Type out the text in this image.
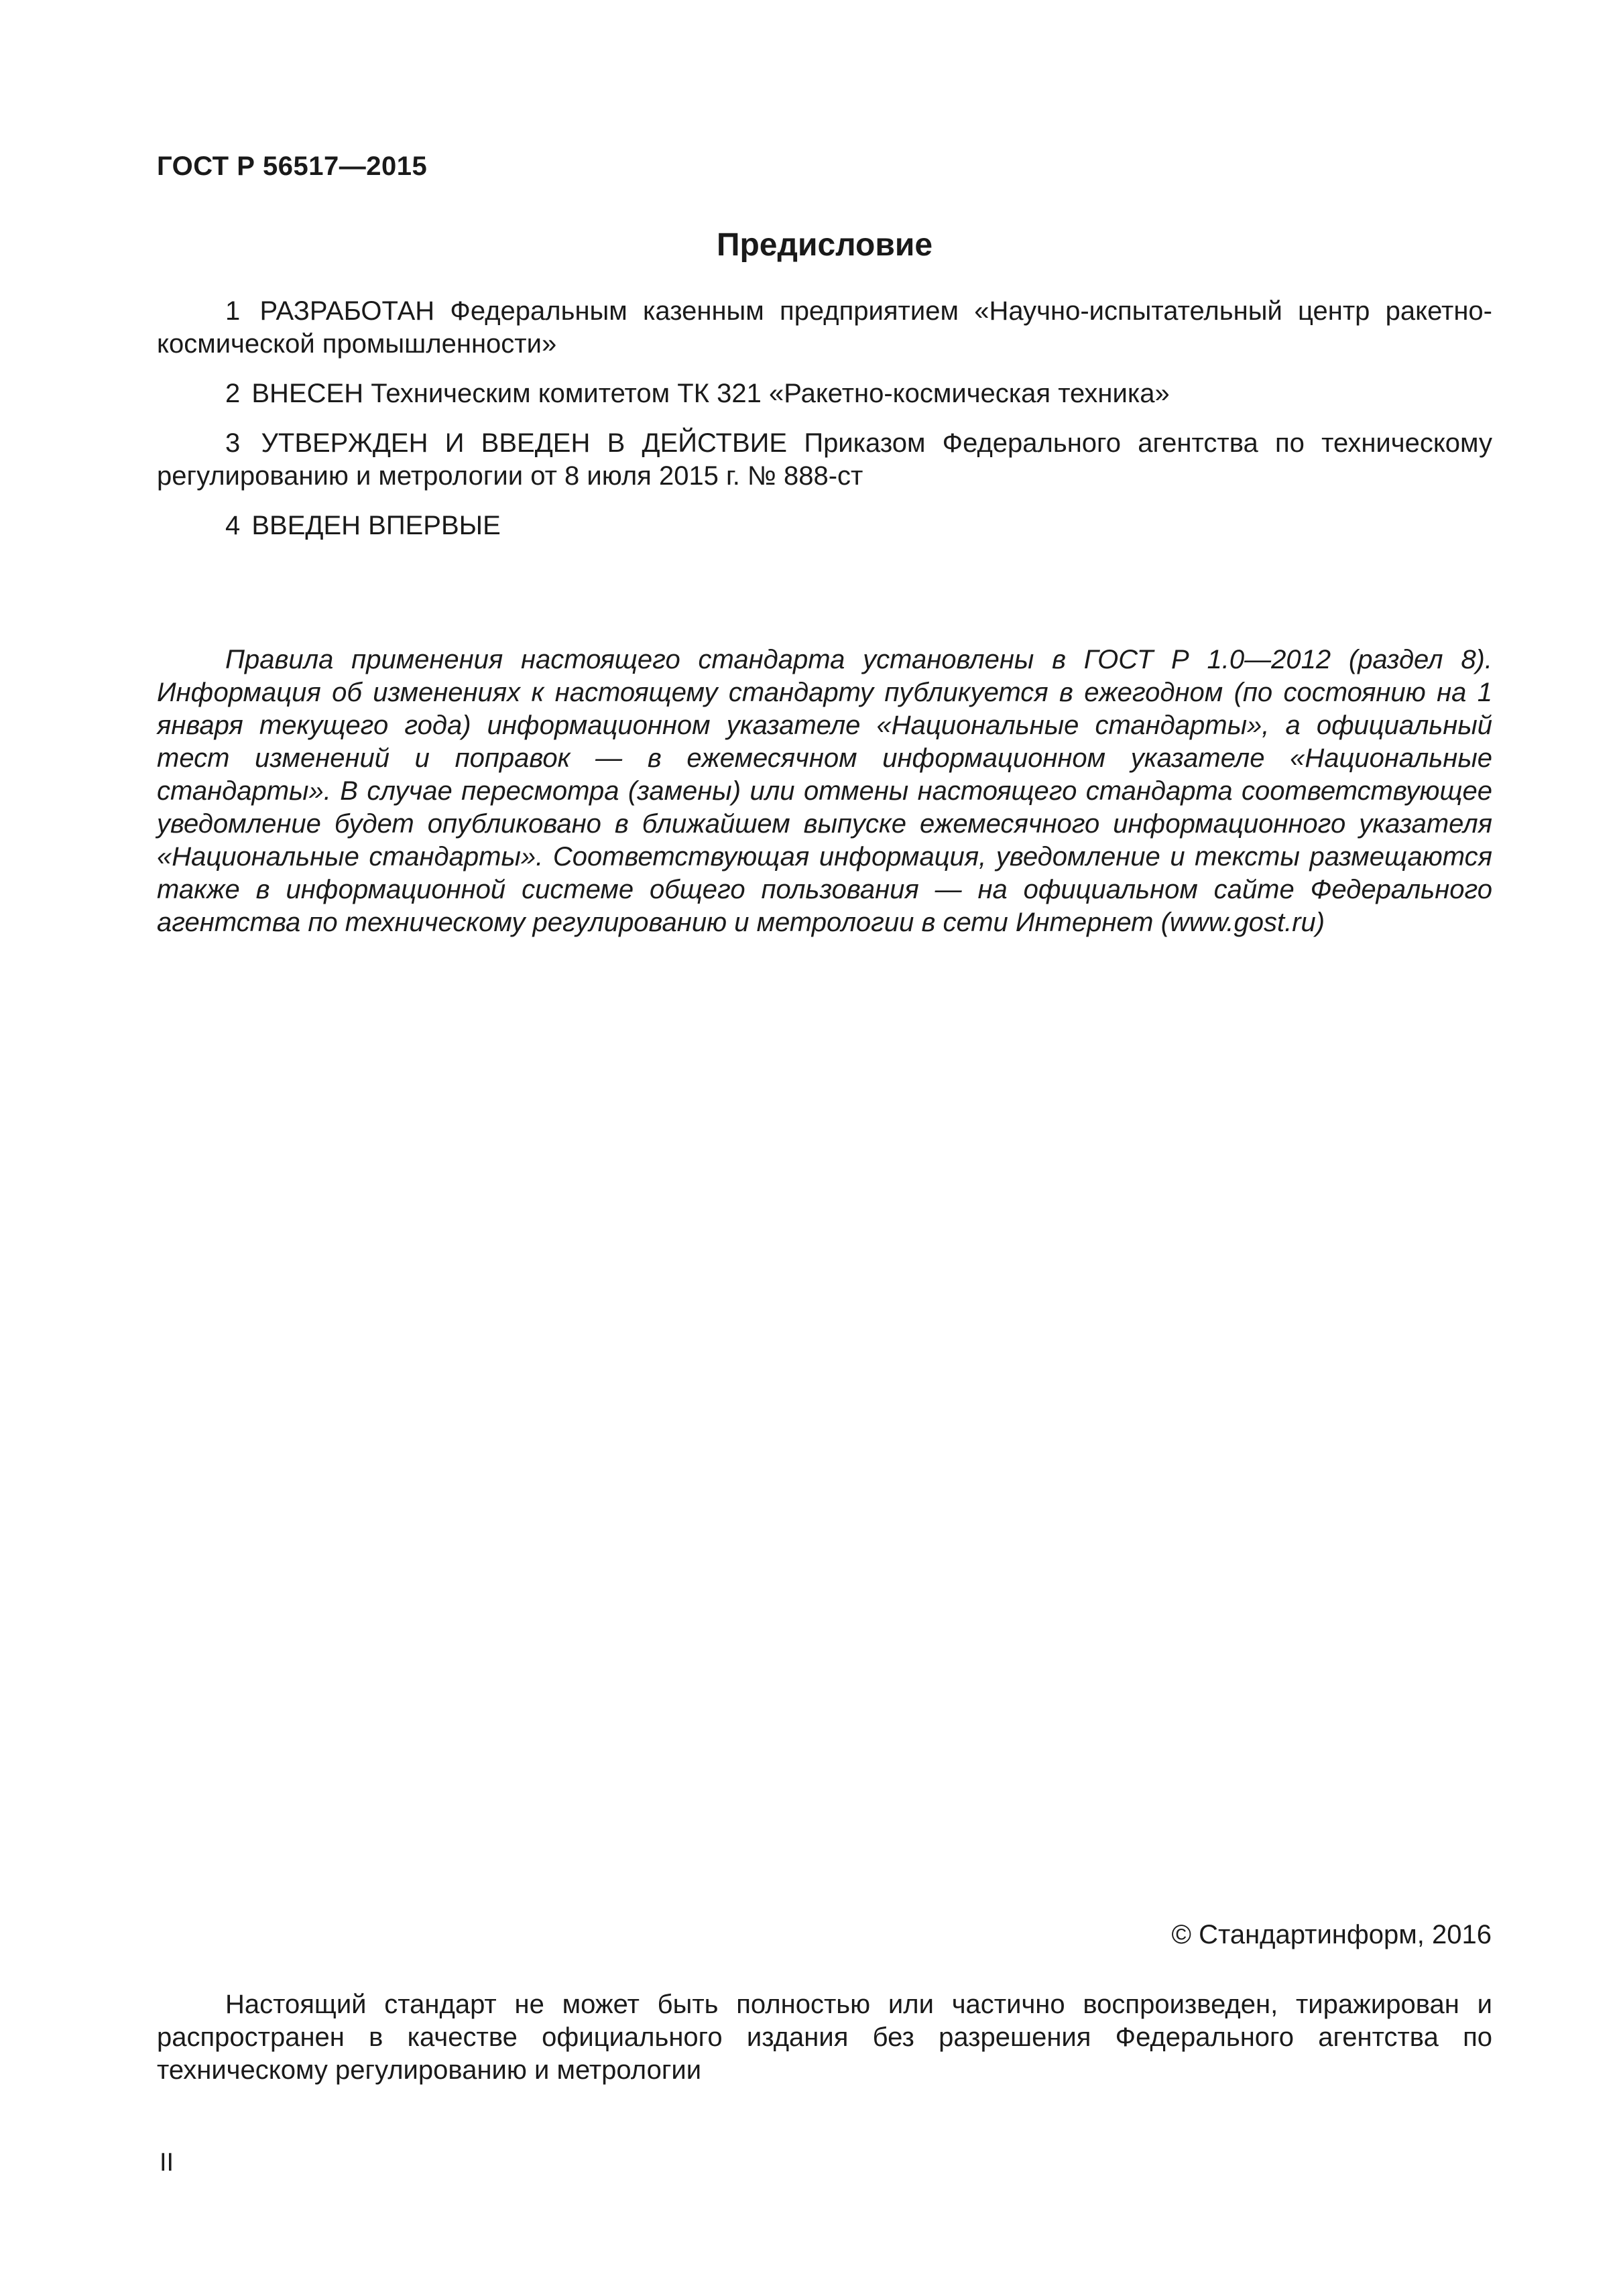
ГОСТ Р 56517—2015
Предисловие

1 РАЗРАБОТАН Федеральным казенным предприятием «Научно-испытательный центр ракетно-космической промышленности»

2 ВНЕСЕН Техническим комитетом ТК 321 «Ракетно-космическая техника»

3 УТВЕРЖДЕН И ВВЕДЕН В ДЕЙСТВИЕ Приказом Федерального агентства по техническому регулированию и метрологии от 8 июля 2015 г. № 888-ст

4 ВВЕДЕН ВПЕРВЫЕ

Правила применения настоящего стандарта установлены в ГОСТ Р 1.0—2012 (раздел 8). Информация об изменениях к настоящему стандарту публикуется в ежегодном (по состоянию на 1 января текущего года) информационном указателе «Национальные стандарты», а официальный тест изменений и поправок — в ежемесячном информационном указателе «Национальные стандарты». В случае пересмотра (замены) или отмены настоящего стандарта соответствующее уведомление будет опубликовано в ближайшем выпуске ежемесячного информационного указателя «Национальные стандарты». Соответствующая информация, уведомление и тексты размещаются также в информационной системе общего пользования — на официальном сайте Федерального агентства по техническому регулированию и метрологии в сети Интернет (www.gost.ru)

© Стандартинформ, 2016

Настоящий стандарт не может быть полностью или частично воспроизведен, тиражирован и распространен в качестве официального издания без разрешения Федерального агентства по техническому регулированию и метрологии

II
